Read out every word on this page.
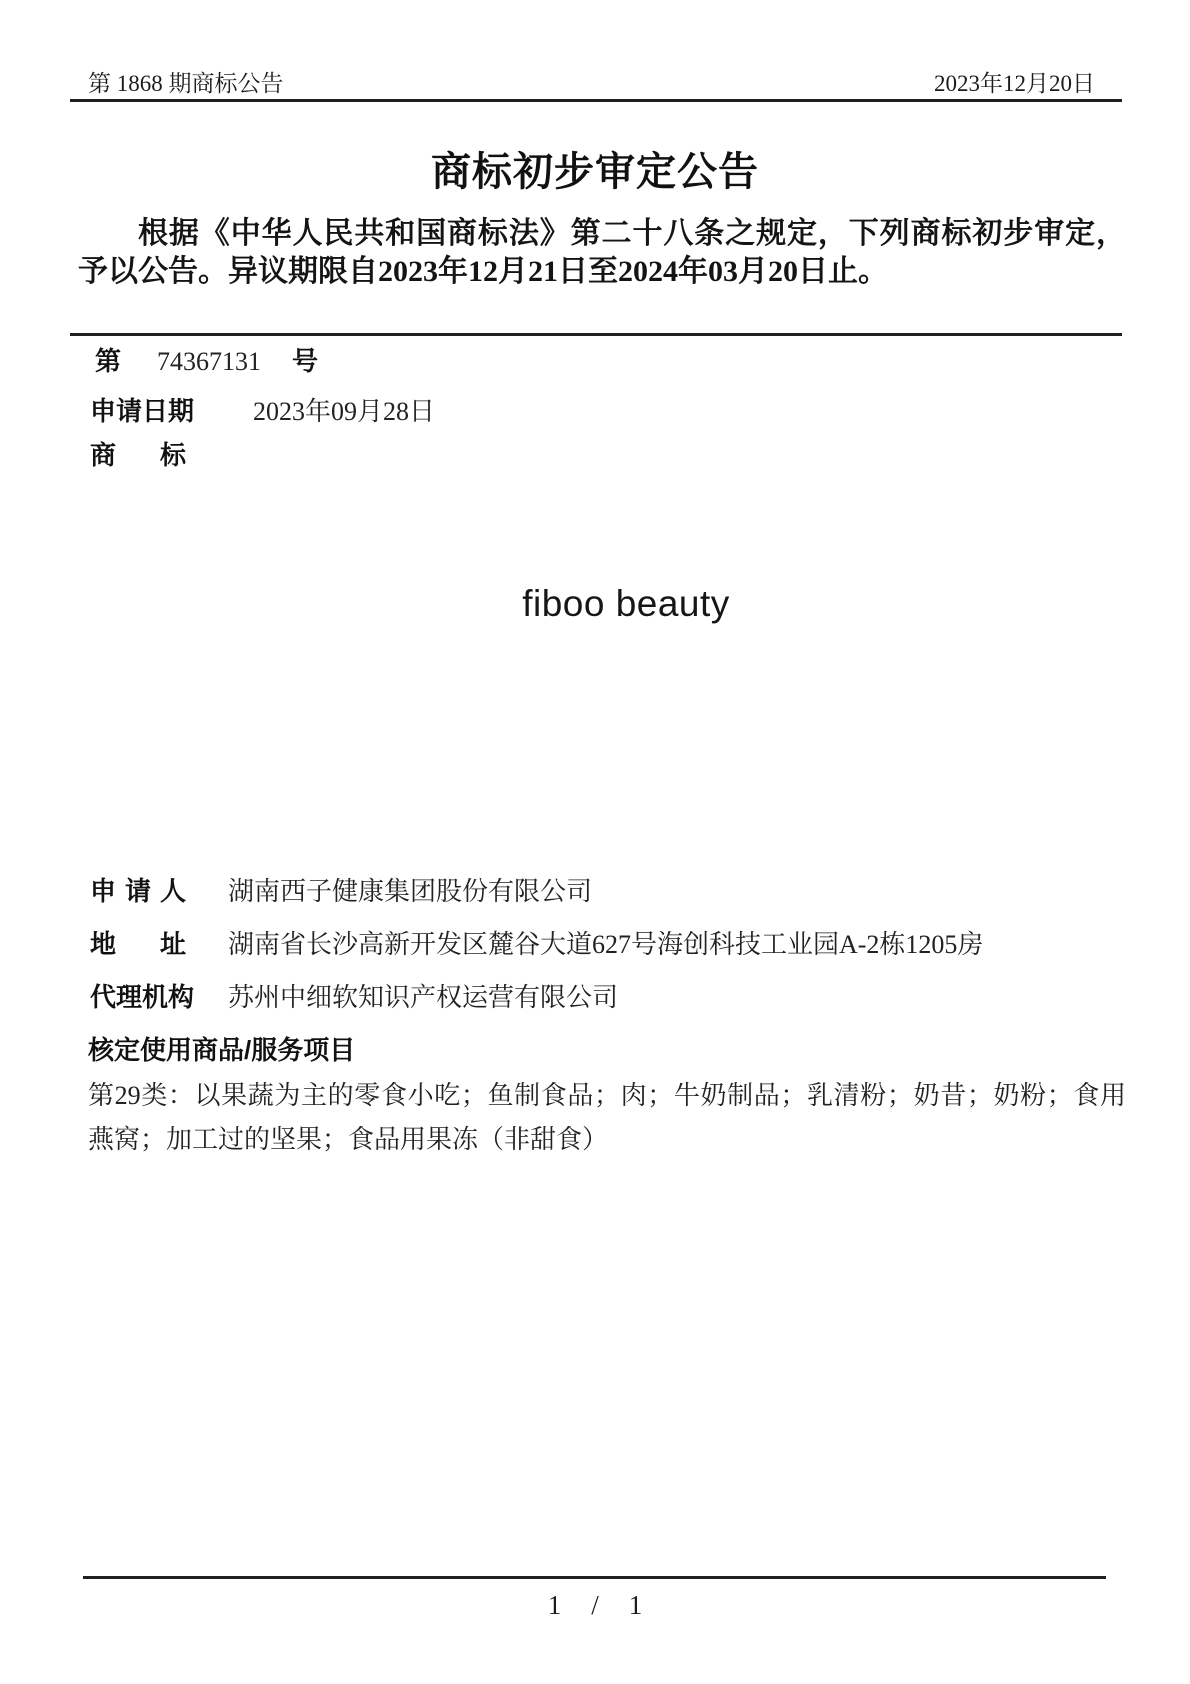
第 1868 期商标公告	2023年12月20日
商标初步审定公告
根据《中华人民共和国商标法》第二十八条之规定，下列商标初步审定，予以公告。异议期限自2023年12月21日至2024年03月20日止。
第 74367131 号
申请日期 2023年09月28日
商标
fiboo beauty
申请人 湖南西子健康集团股份有限公司
地址 湖南省长沙高新开发区麓谷大道627号海创科技工业园A-2栋1205房
代理机构 苏州中细软知识产权运营有限公司
核定使用商品/服务项目
第29类：以果蔬为主的零食小吃；鱼制食品；肉；牛奶制品；乳清粉；奶昔；奶粉；食用燕窝；加工过的坚果；食品用果冻（非甜食）
1 / 1
